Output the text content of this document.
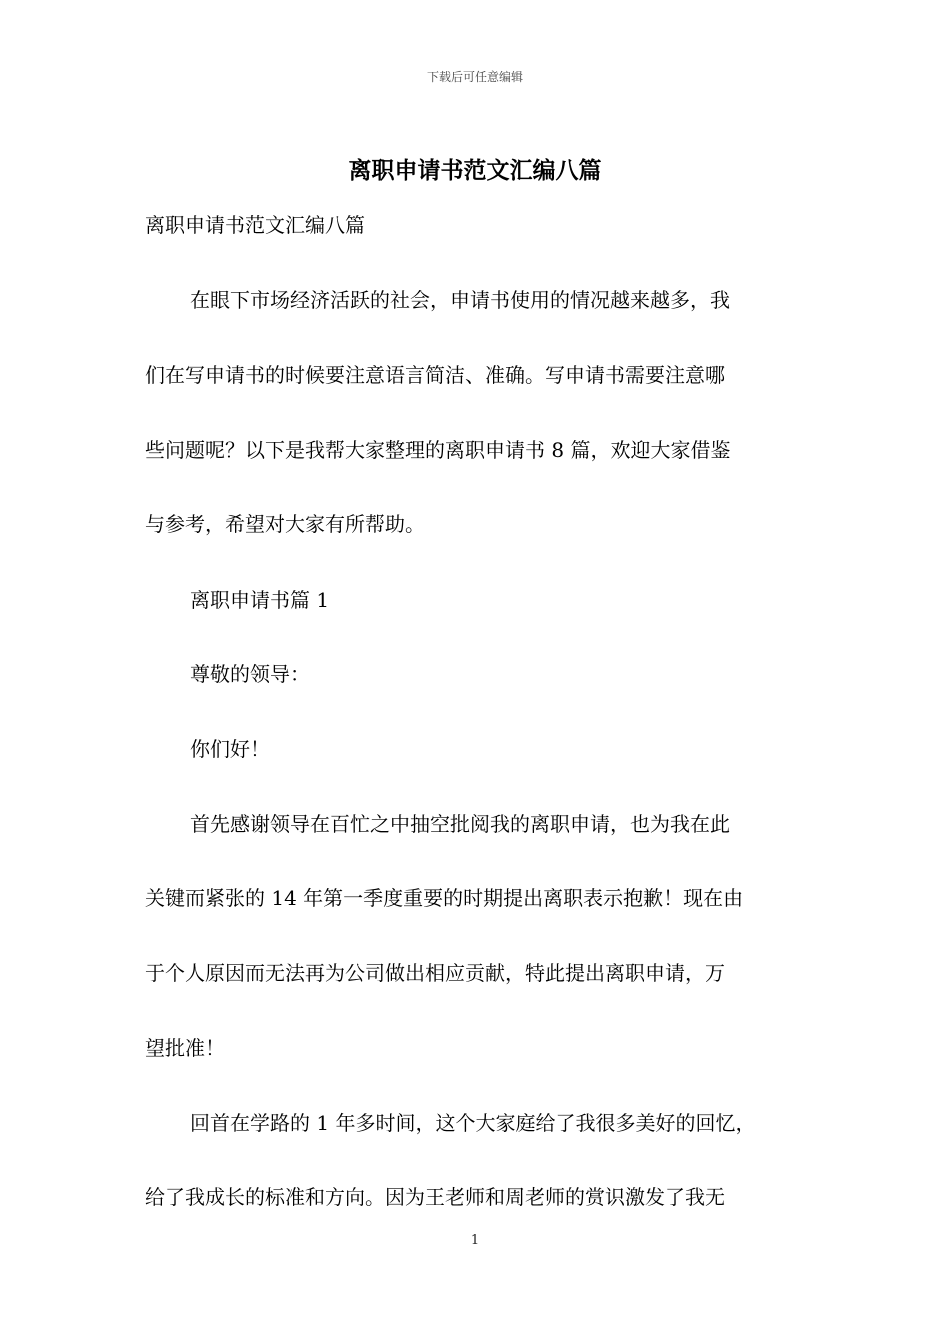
下载后可任意编辑
离职申请书范文汇编八篇
离职申请书范文汇编八篇
在眼下市场经济活跃的社会，申请书使用的情况越来越多，我
们在写申请书的时候要注意语言简洁、准确。写申请书需要注意哪
些问题呢？以下是我帮大家整理的离职申请书 8 篇，欢迎大家借鉴
与参考，希望对大家有所帮助。
离职申请书篇 1
尊敬的领导：
你们好！
首先感谢领导在百忙之中抽空批阅我的离职申请，也为我在此
关键而紧张的 14 年第一季度重要的时期提出离职表示抱歉！现在由
于个人原因而无法再为公司做出相应贡献，特此提出离职申请，万
望批准！
回首在学路的 1 年多时间，这个大家庭给了我很多美好的回忆，
给了我成长的标准和方向。因为王老师和周老师的赏识激发了我无
1
